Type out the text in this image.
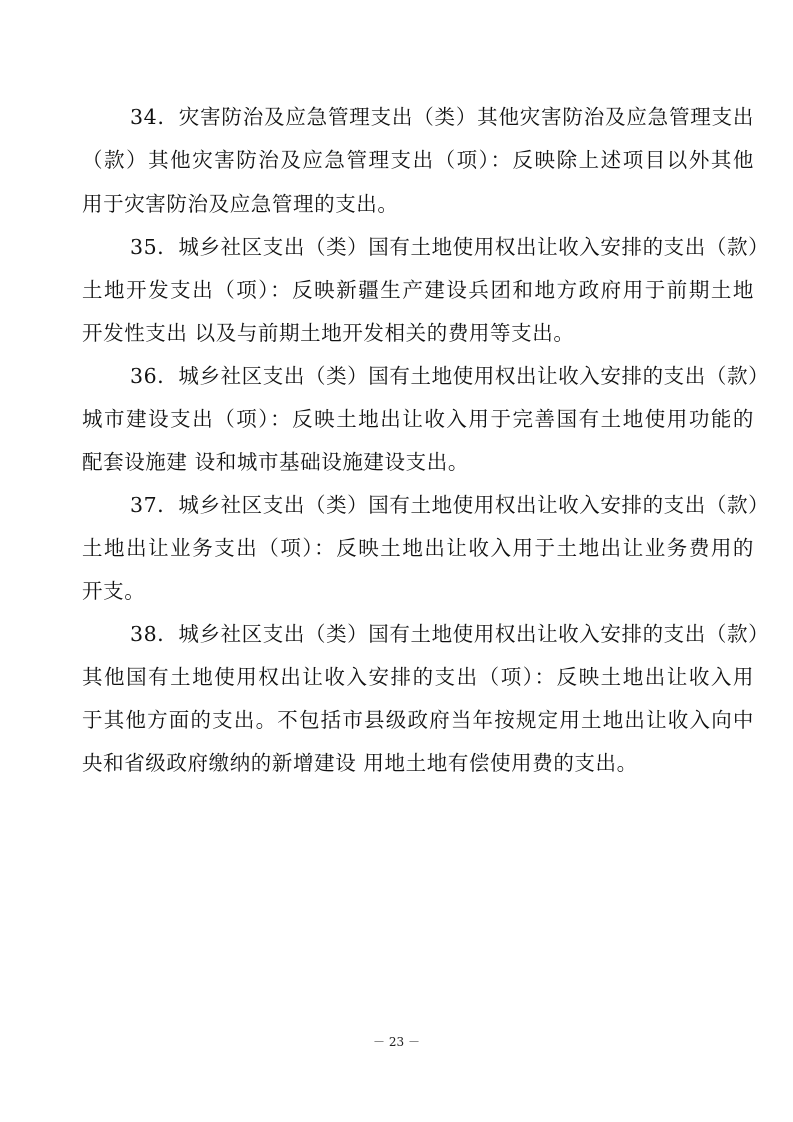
34．灾害防治及应急管理支出（类）其他灾害防治及应急管理支出
（款）其他灾害防治及应急管理支出（项）：反映除上述项目以外其他
用于灾害防治及应急管理的支出。
35．城乡社区支出（类）国有土地使用权出让收入安排的支出（款）
土地开发支出（项）：反映新疆生产建设兵团和地方政府用于前期土地
开发性支出 以及与前期土地开发相关的费用等支出。
36．城乡社区支出（类）国有土地使用权出让收入安排的支出（款）
城市建设支出（项）：反映土地出让收入用于完善国有土地使用功能的
配套设施建 设和城市基础设施建设支出。
37．城乡社区支出（类）国有土地使用权出让收入安排的支出（款）
土地出让业务支出（项）：反映土地出让收入用于土地出让业务费用的
开支。
38．城乡社区支出（类）国有土地使用权出让收入安排的支出（款）
其他国有土地使用权出让收入安排的支出（项）：反映土地出让收入用
于其他方面的支出。不包括市县级政府当年按规定用土地出让收入向中
央和省级政府缴纳的新增建设 用地土地有偿使用费的支出。
－ 23 －
